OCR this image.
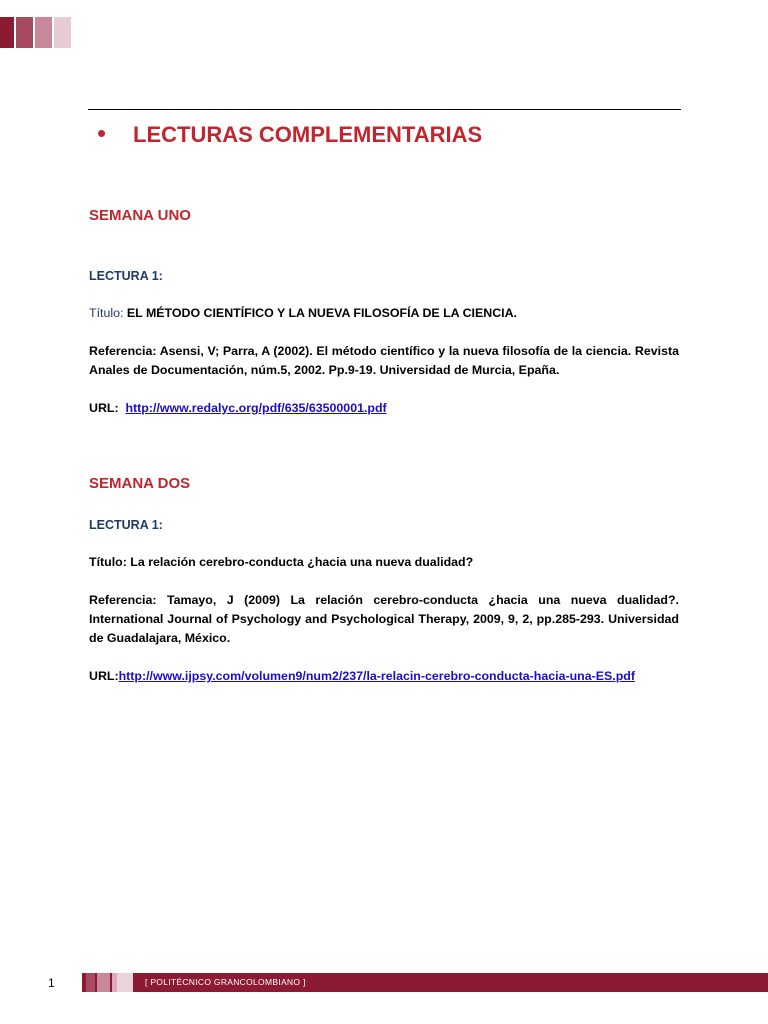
• LECTURAS COMPLEMENTARIAS
SEMANA UNO
LECTURA 1:
Título: EL MÉTODO CIENTÍFICO Y LA NUEVA FILOSOFÍA DE LA CIENCIA.
Referencia: Asensi, V; Parra, A (2002). El método científico y la nueva filosofía de la ciencia. Revista Anales de Documentación, núm.5, 2002. Pp.9-19. Universidad de Murcia, Epaña.
URL: http://www.redalyc.org/pdf/635/63500001.pdf
SEMANA DOS
LECTURA 1:
Título: La relación cerebro-conducta ¿hacia una nueva dualidad?
Referencia: Tamayo, J (2009) La relación cerebro-conducta ¿hacia una nueva dualidad?. International Journal of Psychology and Psychological Therapy, 2009, 9, 2, pp.285-293. Universidad de Guadalajara, México.
URL:http://www.ijpsy.com/volumen9/num2/237/la-relacin-cerebro-conducta-hacia-una-ES.pdf
1	[ POLITÉCNICO GRANCOLOMBIANO ]
